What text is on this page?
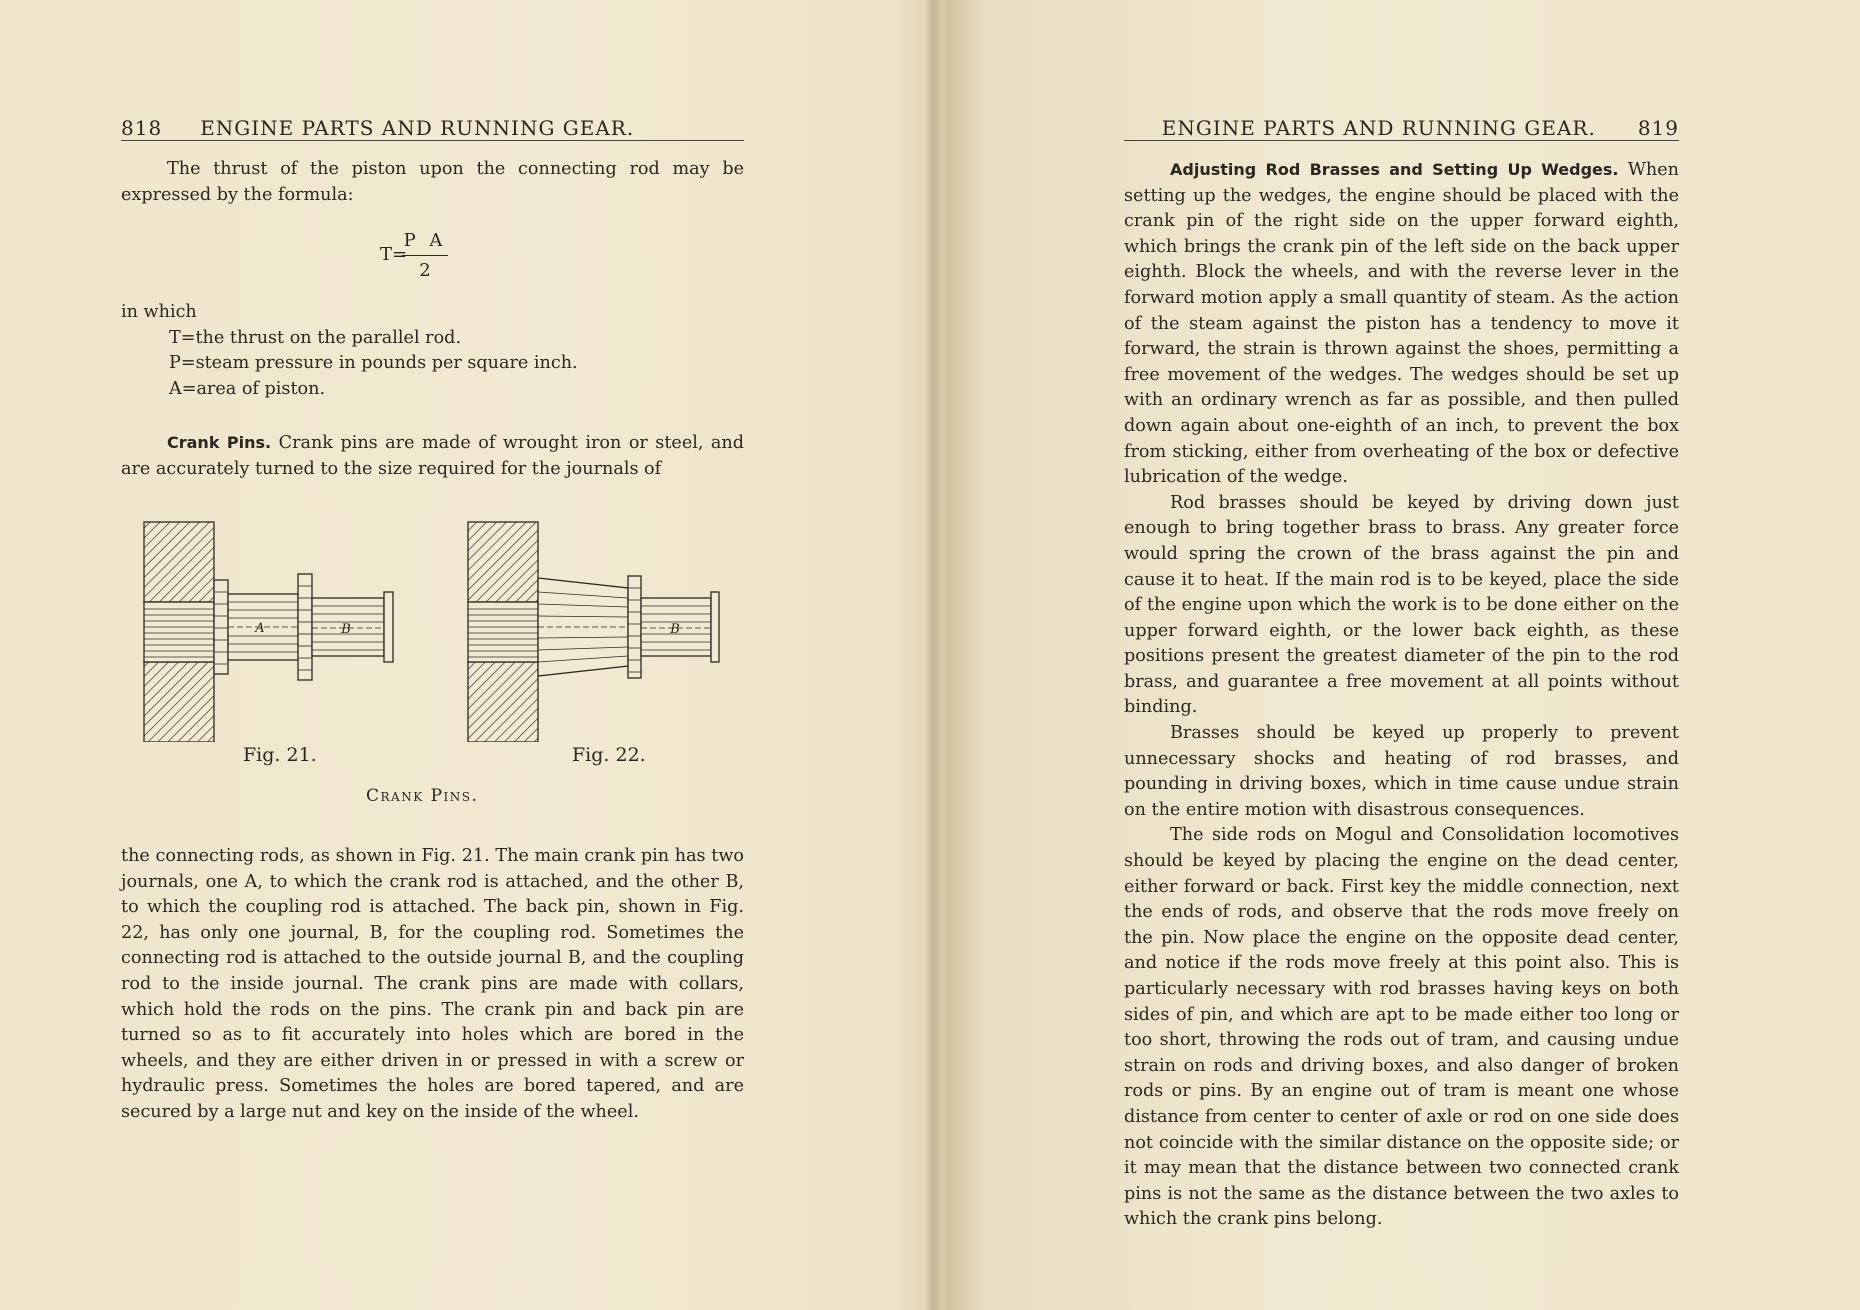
818 ENGINE PARTS AND RUNNING GEAR.
The thrust of the piston upon the connecting rod may be expressed by the formula:
T=
P A
2

in which

T=the thrust on the parallel rod.

P=steam pressure in pounds per square inch.

A=area of piston.

Crank Pins. Crank pins are made of wrought iron or steel, and are accurately turned to the size required for the journals of
A	B	B
Fig. 21.	Fig. 22.
Crank Pins.
the connecting rods, as shown in Fig. 21. The main crank pin has two journals, one A, to which the crank rod is attached, and the other B, to which the coupling rod is attached. The back pin, shown in Fig. 22, has only one journal, B, for the coupling rod. Sometimes the connecting rod is attached to the outside journal B, and the coupling rod to the inside journal. The crank pins are made with collars, which hold the rods on the pins. The crank pin and back pin are turned so as to fit accurately into holes which are bored in the wheels, and they are either driven in or pressed in with a screw or hydraulic press. Sometimes the holes are bored tapered, and are secured by a large nut and key on the inside of the wheel.
ENGINE PARTS AND RUNNING GEAR. 819

Adjusting Rod Brasses and Setting Up Wedges. When setting up the wedges, the engine should be placed with the crank pin of the right side on the upper forward eighth, which brings the crank pin of the left side on the back upper eighth. Block the wheels, and with the reverse lever in the forward motion apply a small quantity of steam. As the action of the steam against the piston has a tendency to move it forward, the strain is thrown against the shoes, permitting a free movement of the wedges. The wedges should be set up with an ordinary wrench as far as possible, and then pulled down again about one-eighth of an inch, to prevent the box from sticking, either from overheating of the box or defective lubrication of the wedge.

Rod brasses should be keyed by driving down just enough to bring together brass to brass. Any greater force would spring the crown of the brass against the pin and cause it to heat. If the main rod is to be keyed, place the side of the engine upon which the work is to be done either on the upper forward eighth, or the lower back eighth, as these positions present the greatest diameter of the pin to the rod brass, and guarantee a free movement at all points without binding.

Brasses should be keyed up properly to prevent unnecessary shocks and heating of rod brasses, and pounding in driving boxes, which in time cause undue strain on the entire motion with disastrous consequences.

The side rods on Mogul and Consolidation locomotives should be keyed by placing the engine on the dead center, either forward or back. First key the middle connection, next the ends of rods, and observe that the rods move freely on the pin. Now place the engine on the opposite dead center, and notice if the rods move freely at this point also. This is particularly necessary with rod brasses having keys on both sides of pin, and which are apt to be made either too long or too short, throwing the rods out of tram, and causing undue strain on rods and driving boxes, and also danger of broken rods or pins. By an engine out of tram is meant one whose distance from center to center of axle or rod on one side does not coincide with the similar distance on the opposite side; or it may mean that the distance between two connected crank pins is not the same as the distance between the two axles to which the crank pins belong.
